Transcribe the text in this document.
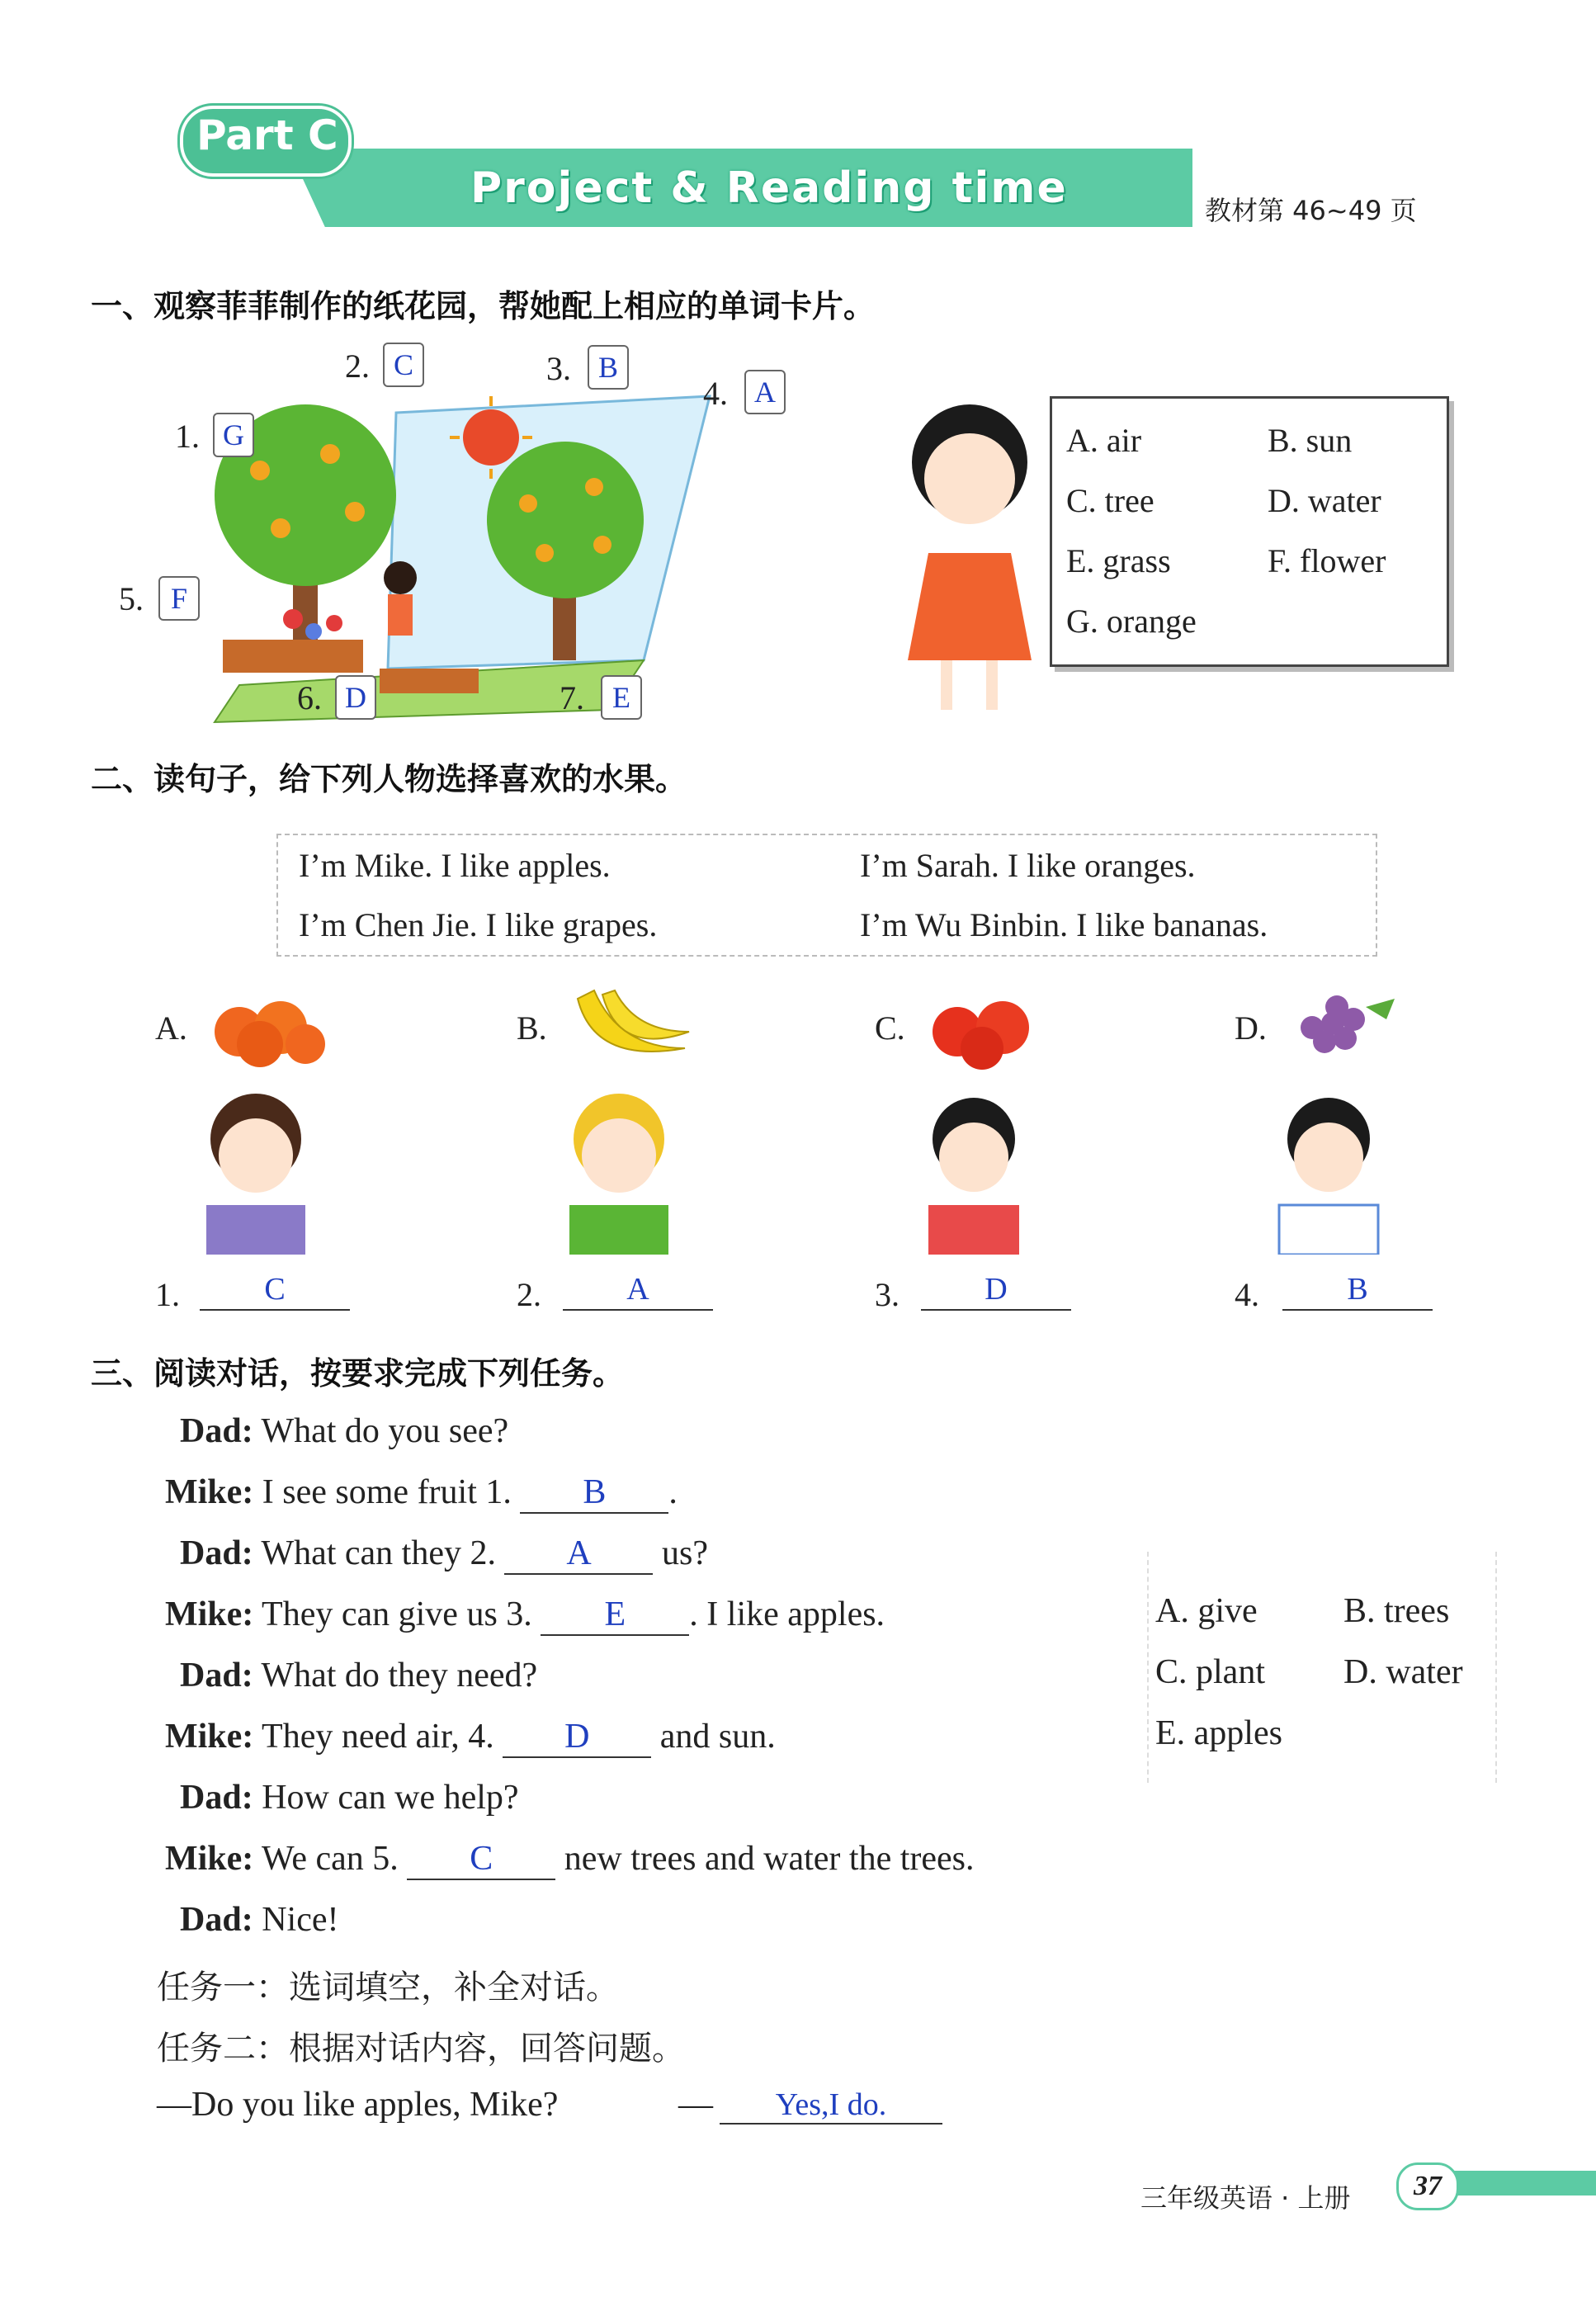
Project & Reading time
Part C
教材第 46~49 页
一、观察菲菲制作的纸花园，帮她配上相应的单词卡片。
1. G
2. C	3. B
4. A
5. F
6. D	7. E
A. air	B. sun
C. tree	D. water
E. grass	F. flower
G. orange
二、读句子，给下列人物选择喜欢的水果。
I’m Mike. I like apples.	I’m Sarah. I like oranges.
I’m Chen Jie. I like grapes.	I’m Wu Binbin. I like bananas.
A.	B.	C.	D.
1.	C	2.	A	3.	D	4.	B
三、阅读对话，按要求完成下列任务。
Dad: What do you see?
Mike: I see some fruit 1. B .
Dad: What can they 2. A us?
Mike: They can give us 3. E . I like apples.
Dad: What do they need?
Mike: They need air, 4. D and sun.
Dad: How can we help?
Mike: We can 5. C new trees and water the trees.
Dad: Nice!
A. give B. trees
C. plant D. water
E. apples
任务一：选词填空，补全对话。
任务二：根据对话内容，回答问题。
—Do you like apples, Mike?	—	Yes,I do.
三年级英语 · 上册	37
